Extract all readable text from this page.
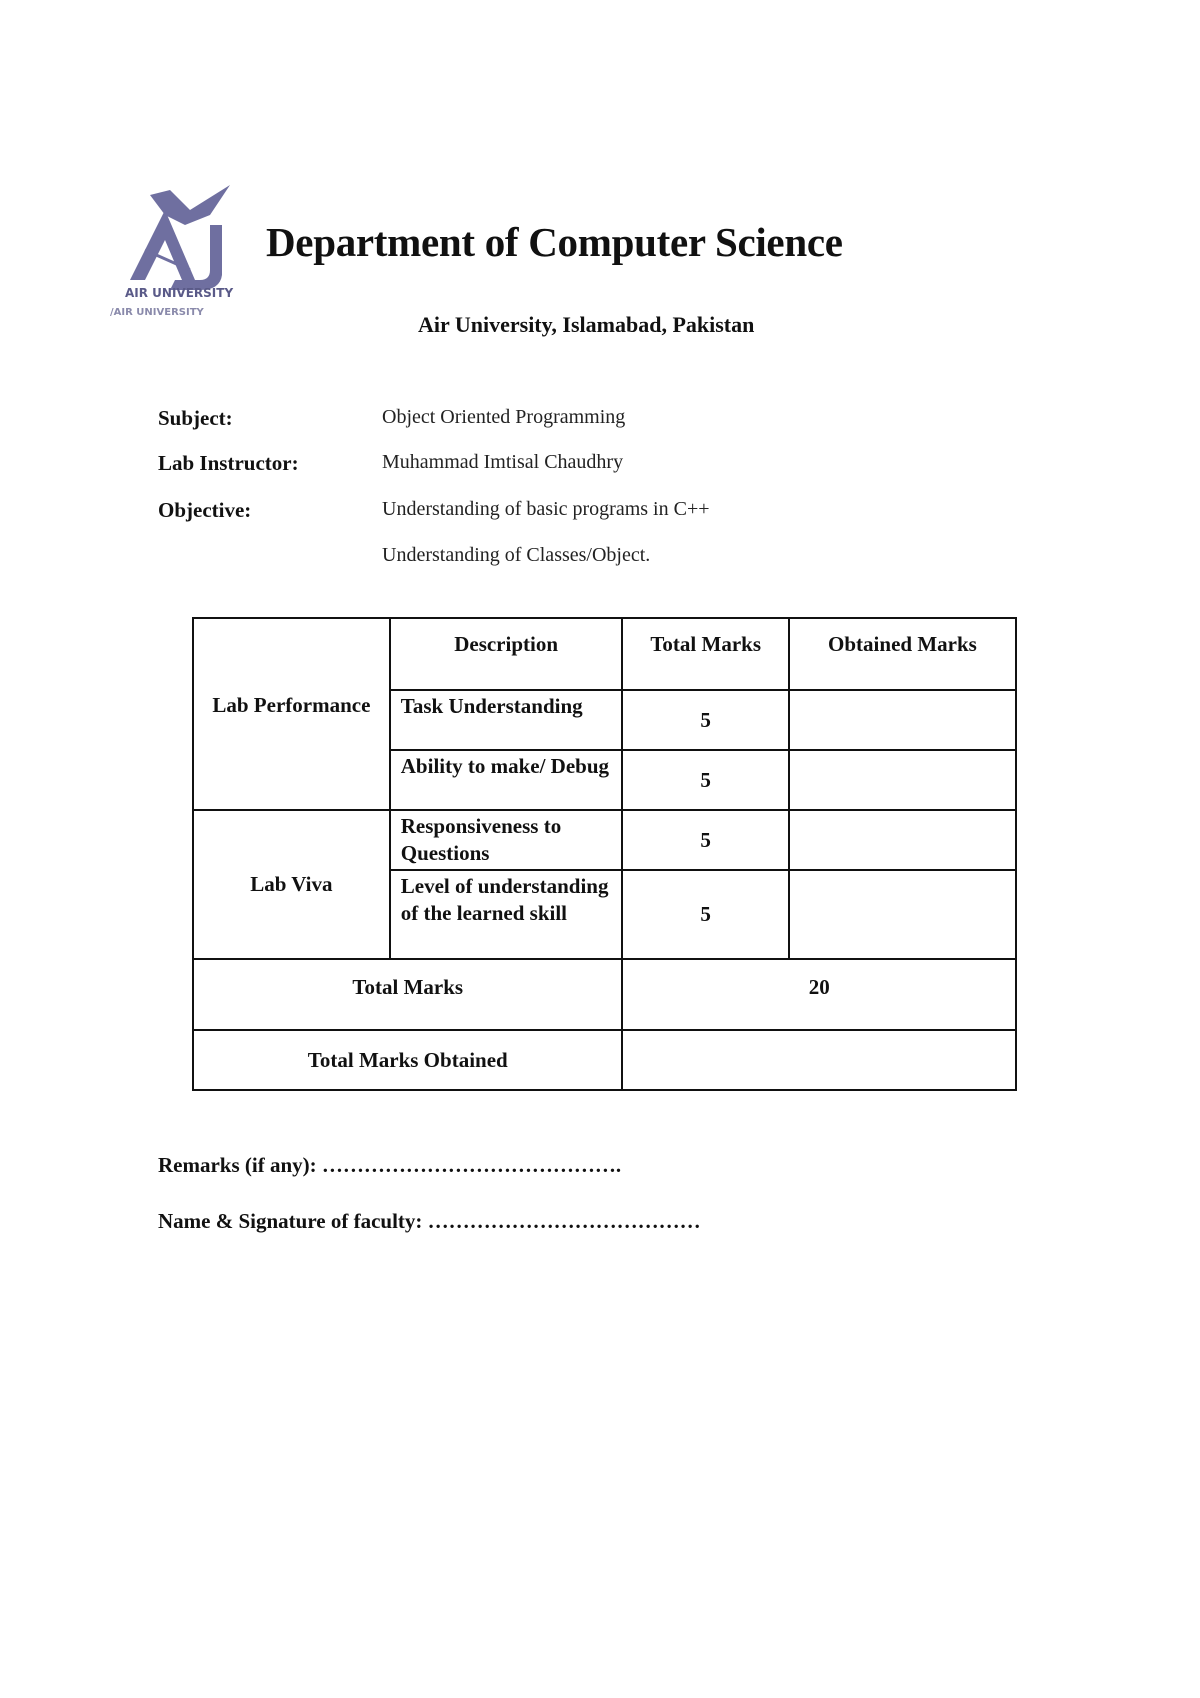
AIR UNIVERSITY
/AIR UNIVERSITY
Department of Computer Science
Air University, Islamabad, Pakistan
Subject:	Object Oriented Programming
Lab Instructor:	Muhammad Imtisal Chaudhry
Objective:	Understanding of basic programs in C++
Understanding of Classes/Object.
Lab Performance	Description	Total Marks	Obtained Marks
	Task Understanding	5	
	Ability to make/ Debug	5	
Lab Viva	Responsiveness to Questions	5	
	Level of understanding of the learned skill	5	
Total Marks		20	
Total Marks Obtained			
Remarks (if any): …………………………………….
Name & Signature of faculty: …………………………………
